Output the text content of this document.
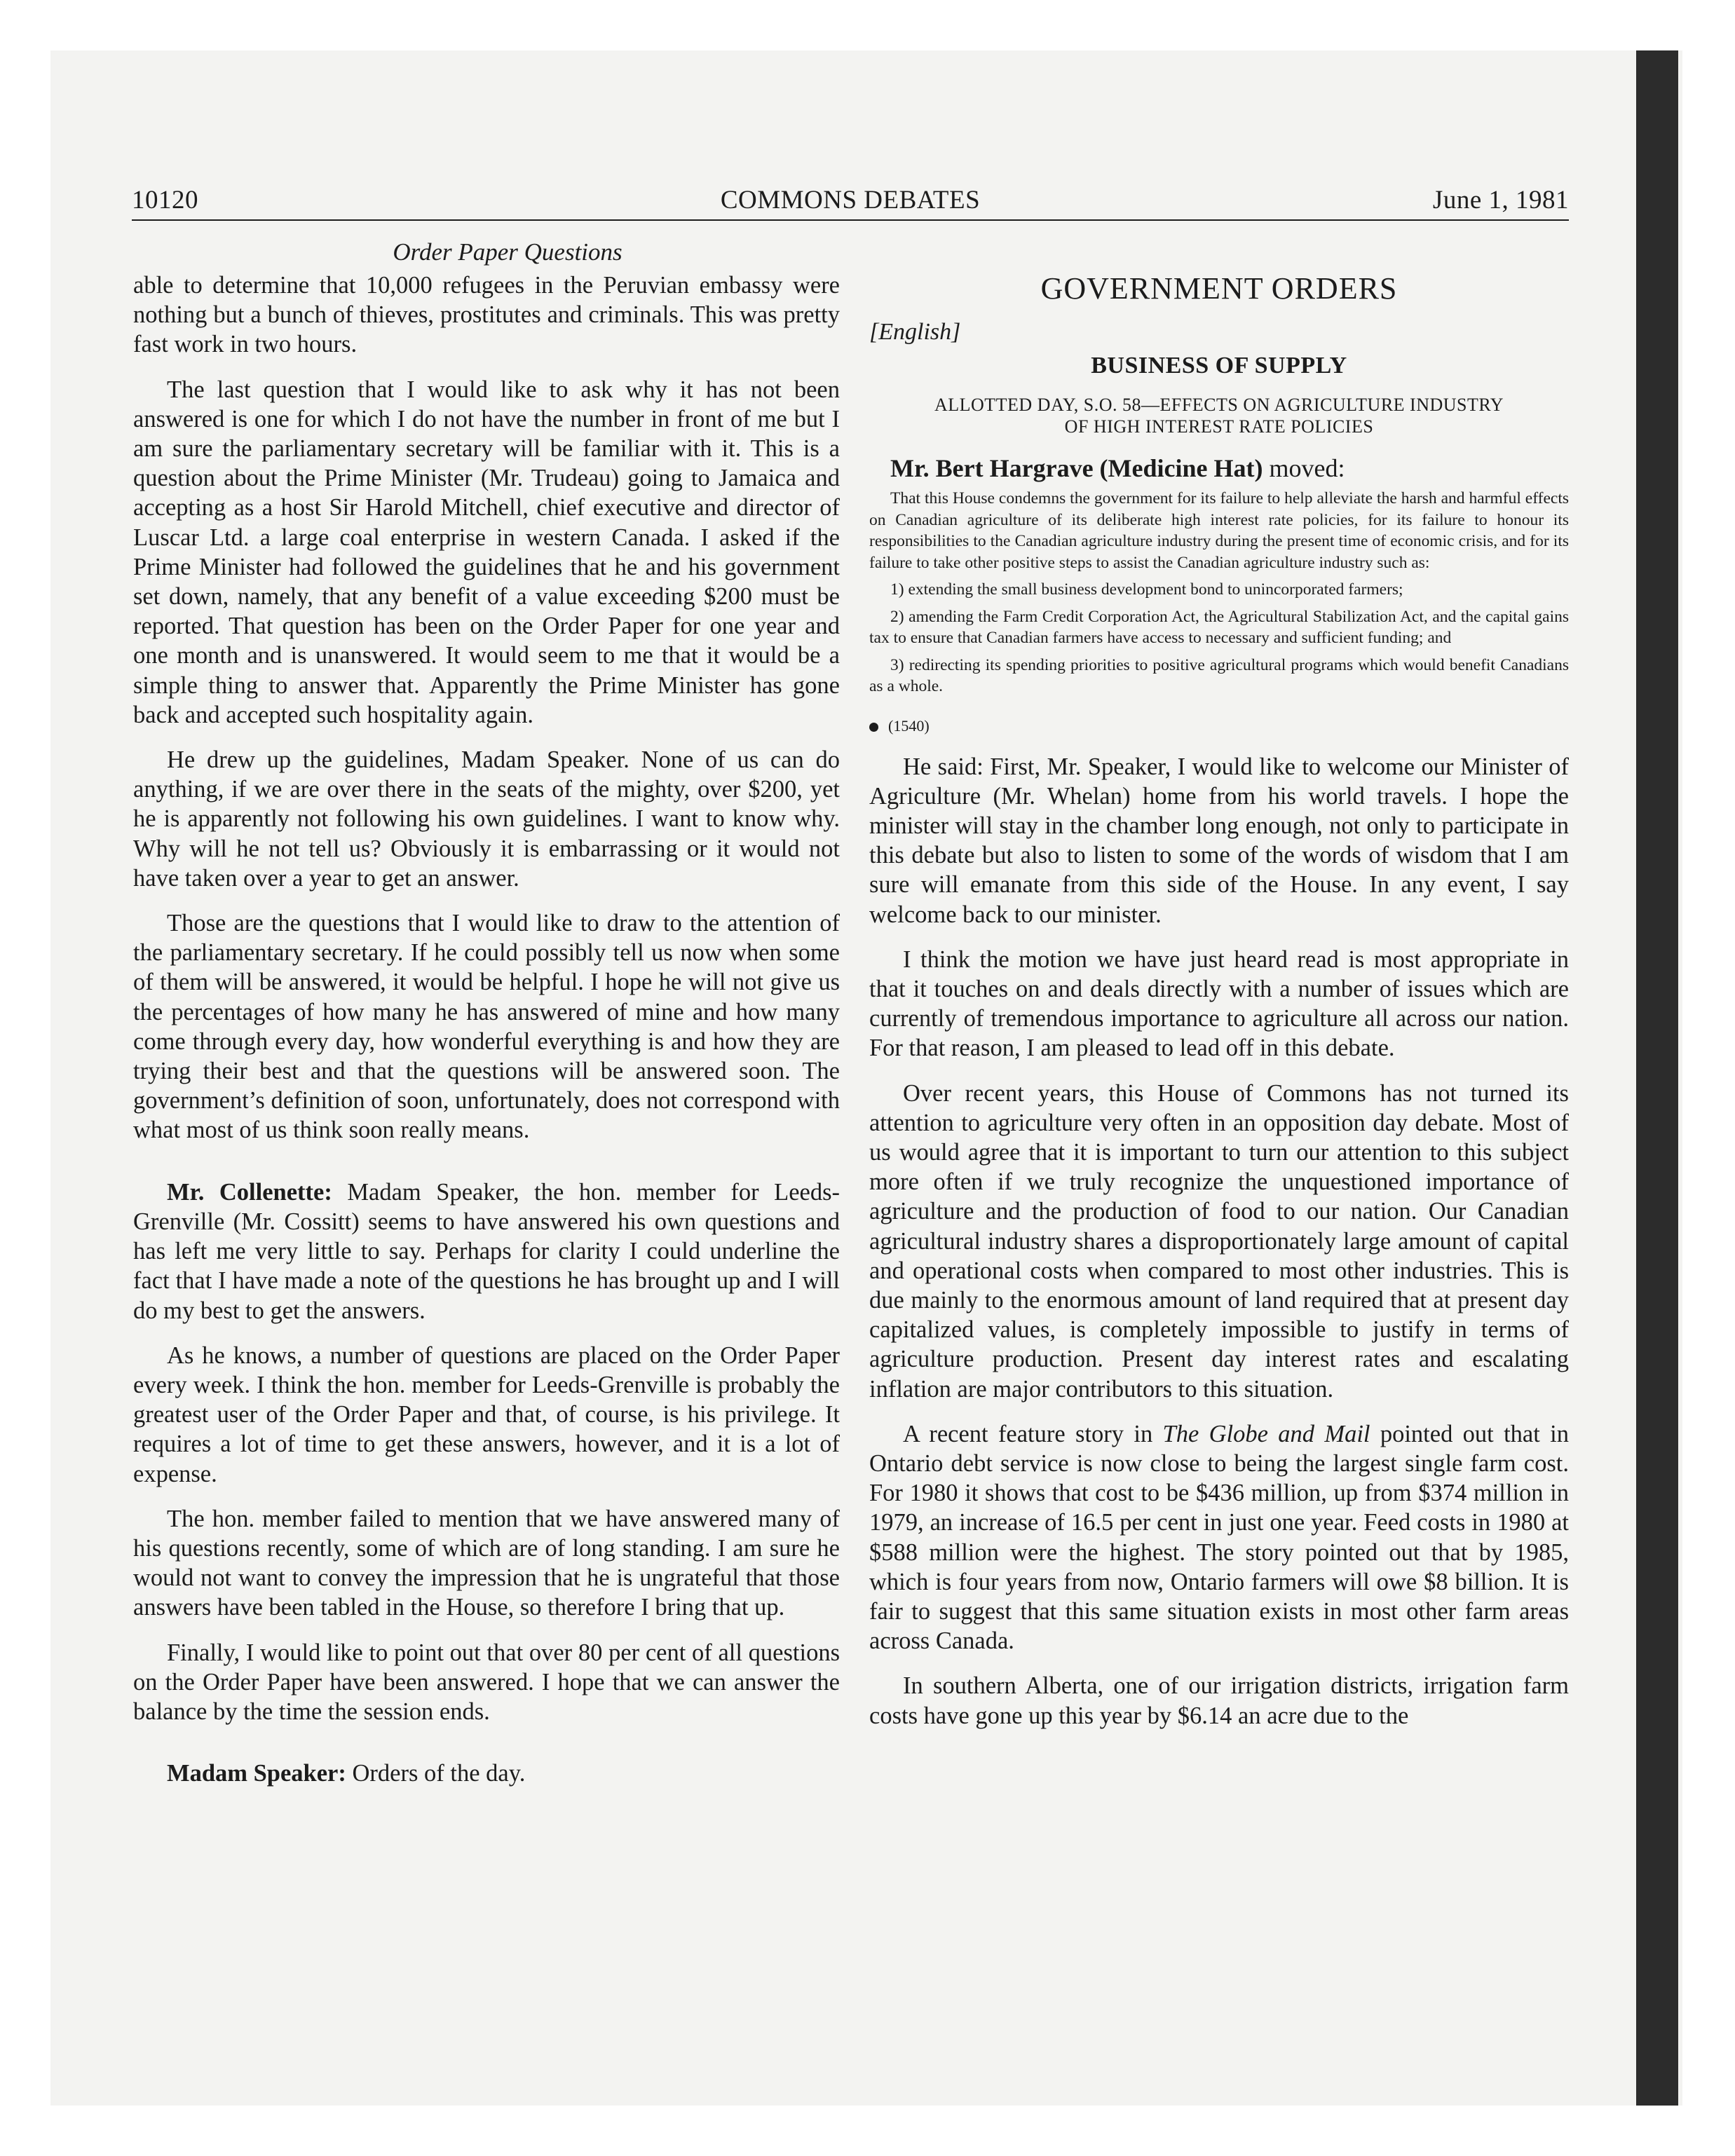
10120	COMMONS DEBATES	June 1, 1981
Order Paper Questions

able to determine that 10,000 refugees in the Peruvian embassy were nothing but a bunch of thieves, prostitutes and criminals. This was pretty fast work in two hours.

The last question that I would like to ask why it has not been answered is one for which I do not have the number in front of me but I am sure the parliamentary secretary will be familiar with it. This is a question about the Prime Minister (Mr. Trudeau) going to Jamaica and accepting as a host Sir Harold Mitchell, chief executive and director of Luscar Ltd. a large coal enterprise in western Canada. I asked if the Prime Minister had followed the guidelines that he and his government set down, namely, that any benefit of a value exceeding $200 must be reported. That question has been on the Order Paper for one year and one month and is unanswered. It would seem to me that it would be a simple thing to answer that. Apparently the Prime Minister has gone back and accepted such hospitality again.

He drew up the guidelines, Madam Speaker. None of us can do anything, if we are over there in the seats of the mighty, over $200, yet he is apparently not following his own guidelines. I want to know why. Why will he not tell us? Obviously it is embarrassing or it would not have taken over a year to get an answer.

Those are the questions that I would like to draw to the attention of the parliamentary secretary. If he could possibly tell us now when some of them will be answered, it would be helpful. I hope he will not give us the percentages of how many he has answered of mine and how many come through every day, how wonderful everything is and how they are trying their best and that the questions will be answered soon. The government’s definition of soon, unfortunately, does not correspond with what most of us think soon really means.

Mr. Collenette: Madam Speaker, the hon. member for Leeds-Grenville (Mr. Cossitt) seems to have answered his own questions and has left me very little to say. Perhaps for clarity I could underline the fact that I have made a note of the questions he has brought up and I will do my best to get the answers.

As he knows, a number of questions are placed on the Order Paper every week. I think the hon. member for Leeds-Grenville is probably the greatest user of the Order Paper and that, of course, is his privilege. It requires a lot of time to get these answers, however, and it is a lot of expense.

The hon. member failed to mention that we have answered many of his questions recently, some of which are of long standing. I am sure he would not want to convey the impression that he is ungrateful that those answers have been tabled in the House, so therefore I bring that up.

Finally, I would like to point out that over 80 per cent of all questions on the Order Paper have been answered. I hope that we can answer the balance by the time the session ends.

Madam Speaker: Orders of the day.

GOVERNMENT ORDERS
[English]
BUSINESS OF SUPPLY
ALLOTTED DAY, S.O. 58—EFFECTS ON AGRICULTURE INDUSTRY
OF HIGH INTEREST RATE POLICIES

Mr. Bert Hargrave (Medicine Hat) moved:

That this House condemns the government for its failure to help alleviate the harsh and harmful effects on Canadian agriculture of its deliberate high interest rate policies, for its failure to honour its responsibilities to the Canadian agriculture industry during the present time of economic crisis, and for its failure to take other positive steps to assist the Canadian agriculture industry such as:

1) extending the small business development bond to unincorporated farmers;

2) amending the Farm Credit Corporation Act, the Agricultural Stabilization Act, and the capital gains tax to ensure that Canadian farmers have access to necessary and sufficient funding; and

3) redirecting its spending priorities to positive agricultural programs which would benefit Canadians as a whole.

(1540)

He said: First, Mr. Speaker, I would like to welcome our Minister of Agriculture (Mr. Whelan) home from his world travels. I hope the minister will stay in the chamber long enough, not only to participate in this debate but also to listen to some of the words of wisdom that I am sure will emanate from this side of the House. In any event, I say welcome back to our minister.

I think the motion we have just heard read is most appropriate in that it touches on and deals directly with a number of issues which are currently of tremendous importance to agriculture all across our nation. For that reason, I am pleased to lead off in this debate.

Over recent years, this House of Commons has not turned its attention to agriculture very often in an opposition day debate. Most of us would agree that it is important to turn our attention to this subject more often if we truly recognize the unquestioned importance of agriculture and the production of food to our nation. Our Canadian agricultural industry shares a disproportionately large amount of capital and operational costs when compared to most other industries. This is due mainly to the enormous amount of land required that at present day capitalized values, is completely impossible to justify in terms of agriculture production. Present day interest rates and escalating inflation are major contributors to this situation.

A recent feature story in The Globe and Mail pointed out that in Ontario debt service is now close to being the largest single farm cost. For 1980 it shows that cost to be $436 million, up from $374 million in 1979, an increase of 16.5 per cent in just one year. Feed costs in 1980 at $588 million were the highest. The story pointed out that by 1985, which is four years from now, Ontario farmers will owe $8 billion. It is fair to suggest that this same situation exists in most other farm areas across Canada.

In southern Alberta, one of our irrigation districts, irrigation farm costs have gone up this year by $6.14 an acre due to the
